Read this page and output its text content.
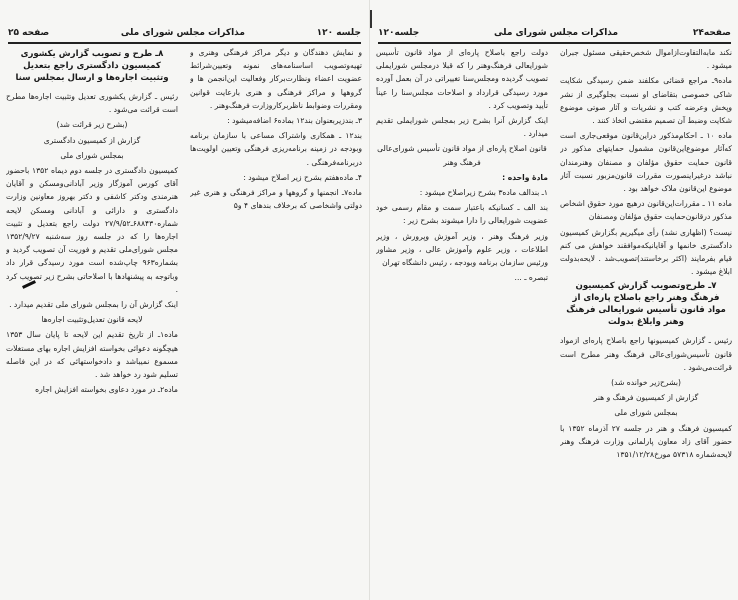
صفحه ۲۵	مذاکرات مجلس شورای ملی	جلسه ۱۲۰

و نمایش دهندگان و دیگر مراکز فرهنگی وهنری و تهیه‌وتصویب اساسنامه‌های نمونه وتعیین‌شرائط عضویت اعضاء ونظارت‌برکار وفعالیت این‌انجمن ها و گروهها و مراکز فرهنگی و هنری بارعایت قوانین ومقررات وضوابط ناظربرکاروزارت فرهنگ‌وهنر .

۳ـ بندزیربعنوان بند۱۲ بماده۶ اضافه‌میشود :

بند۱۲ ـ همکاری واشتراک مساعی با سازمان برنامه وبودجه در زمینه برنامه‌ریزی فرهنگی وتعیین اولویت‌ها دربرنامه‌فرهنگی .

۴ـ ماده‌هفتم بشرح زیر اصلاح میشود :

ماده۷ـ انجمنها و گروهها و مراکز فرهنگی و هنری غیر دولتی واشخاصی که برخلاف بندهای ۴ و۵

۸ـ طرح و تصویب گزارش یکشوری کمیسیون دادگستری راجع بتعدیل وتثبیت اجاره‌ها و ارسال بمجلس سنا

رئیس ـ گزارش یکشوری تعدیل وتثبیت اجاره‌ها مطرح است قرائت می‌شود .

(بشرح زیر قرائت شد)

گزارش از کمیسیون دادگستری

بمجلس شورای ملی

کمیسیون دادگستری در جلسه دوم دیماه ۱۳۵۲ باحضور آقای کورس آموزگار وزیر آبادانی‌ومسکن و آقایان هنرمندی ودکتر کاشفی و دکتر بهروز معاونین وزارت دادگستری و دارائی و آبادانی ومسکن لایحه شماره۶۸۸۴۳۰ـ۲۷/۹/۵۲ دولت راجع بتعدیل و تثبیت اجاره‌ها را که در جلسه روز سه‌شنبه ۱۳۵۲/۹/۲۷ مجلس شورای‌ملی تقدیم و فوریت آن تصویب گردید و بشماره۹۶۳ چاپ‌شده است مورد رسیدگی قرار داد وباتوجه به پیشنهادها با اصلاحاتی بشرح زیر تصویب کرد .

اینک گزارش آن را بمجلس شورای ملی تقدیم میدارد .

لایحه قانون تعدیل‌وتثبیت اجاره‌ها

ماده۱ـ از تاریخ تقدیم این لایحه تا پایان سال ۱۳۵۳ هیچگونه دعوائی بخواسته افزایش اجاره بهای مستغلات مسموع نمیباشد و دادخواستهائی که در این فاصله تسلیم شود رد خواهد شد .

ماده۲ـ در مورد دعاوی بخواسته افزایش اجاره

جلسه۱۲۰	مذاکرات مجلس شورای ملی	صفحه۲۴

نکند مابه‌التفاوت‌ازاموال شخص‌حقیقی مسئول جبران میشود .

ماده۹ـ مراجع قضائی مکلفند ضمن رسیدگی شکایت شاکی خصوصی بتقاضای او نسبت بجلوگیری از نشر وپخش وعرضه کتب و نشریات و آثار صوتی موضوع شکایت وضبط آن تصمیم مقتضی اتخاذ کنند .

ماده ۱۰ ـ احکام‌مذکور دراین‌قانون موقعی‌جاری است که‌آثار موضوع‌این‌قانون مشمول حمایتهای مذکور در قانون حمایت حقوق مؤلفان و مصنفان وهنرمندان نباشد درغیراینصورت مقررات قانون‌مزبور نسبت آثار موضوع این‌قانون ملاک خواهد بود .

ماده ۱۱ ـ مقررات‌این‌قانون درهیچ مورد حقوق اشخاص مذکور درقانون‌حمایت حقوق مؤلفان ومصنفان

نیست؟ (اظهاری نشد) رأی میگیریم بگزارش کمیسیون دادگستری خانمها و آقایانیکه‌موافقند خواهش می کنم قیام بفرمایند (اکثر برخاستند)تصویب‌شد . لایحه‌بدولت ابلاغ میشود .

۷ـ طرح‌وتصویب گزارش کمیسیون فرهنگ وهنر راجع باصلاح پاره‌ای از مواد قانون تأسیس شورایعالی فرهنگ وهنر وابلاغ بدولت

رئیس ـ گزارش کمیسیونها راجع باصلاح پاره‌ای ازمواد قانون تأسیس‌شورای‌عالی فرهنگ وهنر مطرح است قرائت‌می‌شود .

(بشرح‌زیر خوانده شد)

گزارش از کمیسیون فرهنگ و هنر

بمجلس شورای ملی

کمیسیون فرهنگ و هنر در جلسه ۲۷ آذرماه ۱۳۵۲ با حضور آقای زاد معاون پارلمانی وزارت فرهنگ وهنر لایحه‌شماره ۵۷۳۱۸ مورخ۱۳۵۱/۱۲/۲۸

دولت راجع باصلاح پاره‌ای از مواد قانون تأسیس شورایعالی فرهنگ‌وهنر را که قبلا درمجلس شورایملی تصویب گردیده ومجلس‌سنا تغییراتی در آن بعمل آورده مورد رسیدگی قرارداد و اصلاحات مجلس‌سنا را عیناً تأیید وتصویب کرد .

اینک گزارش آنرا بشرح زیر بمجلس شورایملی تقدیم میدارد .

قانون اصلاح پاره‌ای از مواد قانون تأسیس شورای‌عالی فرهنگ وهنر

مادهٔ واحده :

۱ـ بندالف ماده۳ بشرح زیراصلاح میشود :

بند الف ـ کسانیکه باعتبار سمت و مقام رسمی خود عضویت شورایعالی را دارا میشوند بشرح زیر :

وزیر فرهنگ وهنر ، وزیر آموزش وپرورش ، وزیر اطلاعات ، وزیر علوم وآموزش عالی ، وزیر مشاور ورئیس سازمان برنامه وبودجه ، رئیس دانشگاه تهران

تبصره ـ ...
